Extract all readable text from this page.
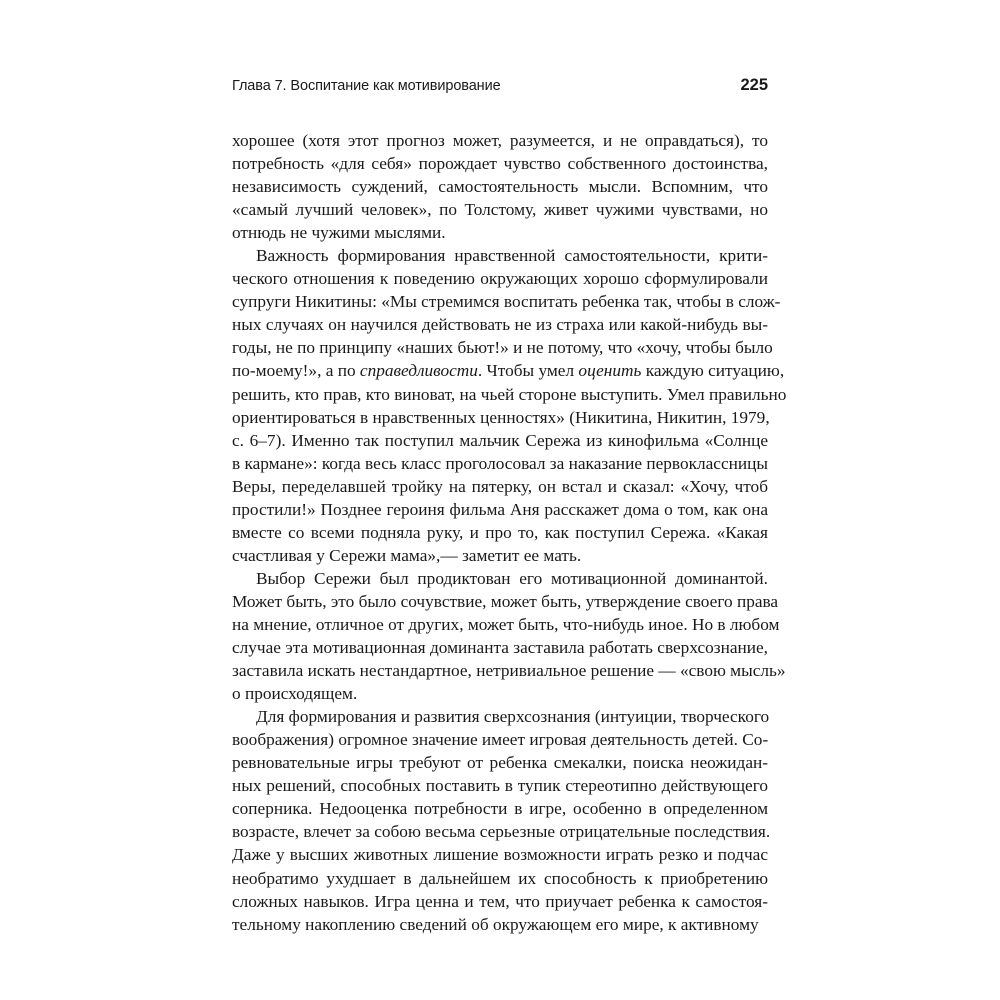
Глава 7. Воспитание как мотивирование	225
хорошее (хотя этот прогноз может, разумеется, и не оправдаться), то
потребность «для себя» порождает чувство собственного достоинства,
независимость суждений, самостоятельность мысли. Вспомним, что
«самый лучший человек», по Толстому, живет чужими чувствами, но
отнюдь не чужими мыслями.
Важность формирования нравственной самостоятельности, крити-
ческого отношения к поведению окружающих хорошо сформулировали
супруги Никитины: «Мы стремимся воспитать ребенка так, чтобы в слож-
ных случаях он научился действовать не из страха или какой-нибудь вы-
годы, не по принципу «наших бьют!» и не потому, что «хочу, чтобы было
по-моему!», а по справедливости. Чтобы умел оценить каждую ситуацию,
решить, кто прав, кто виноват, на чьей стороне выступить. Умел правильно
ориентироваться в нравственных ценностях» (Никитина, Никитин, 1979,
с. 6–7). Именно так поступил мальчик Сережа из кинофильма «Солнце
в кармане»: когда весь класс проголосовал за наказание первоклассницы
Веры, переделавшей тройку на пятерку, он встал и сказал: «Хочу, чтоб
простили!» Позднее героиня фильма Аня расскажет дома о том, как она
вместе со всеми подняла руку, и про то, как поступил Сережа. «Какая
счастливая у Сережи мама»,— заметит ее мать.
Выбор Сережи был продиктован его мотивационной доминантой.
Может быть, это было сочувствие, может быть, утверждение своего права
на мнение, отличное от других, может быть, что-нибудь иное. Но в любом
случае эта мотивационная доминанта заставила работать сверхсознание,
заставила искать нестандартное, нетривиальное решение — «свою мысль»
о происходящем.
Для формирования и развития сверхсознания (интуиции, творческого
воображения) огромное значение имеет игровая деятельность детей. Со-
ревновательные игры требуют от ребенка смекалки, поиска неожидан-
ных решений, способных поставить в тупик стереотипно действующего
соперника. Недооценка потребности в игре, особенно в определенном
возрасте, влечет за собою весьма серьезные отрицательные последствия.
Даже у высших животных лишение возможности играть резко и подчас
необратимо ухудшает в дальнейшем их способность к приобретению
сложных навыков. Игра ценна и тем, что приучает ребенка к самостоя-
тельному накоплению сведений об окружающем его мире, к активному
